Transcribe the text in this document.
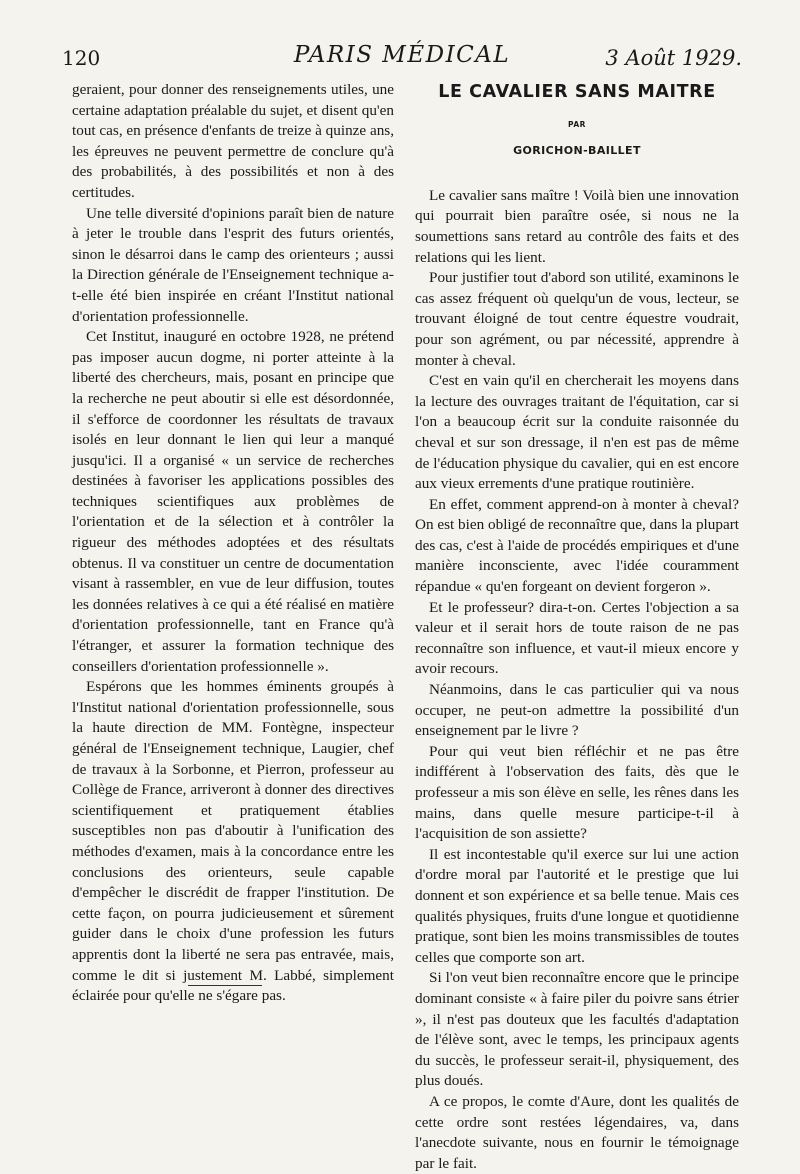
120	PARIS MÉDICAL	3 Août 1929.

geraient, pour donner des renseignements utiles, une certaine adaptation préalable du sujet, et disent qu'en tout cas, en présence d'enfants de treize à quinze ans, les épreuves ne peuvent permettre de conclure qu'à des probabilités, à des possibilités et non à des certitudes.

Une telle diversité d'opinions paraît bien de nature à jeter le trouble dans l'esprit des futurs orientés, sinon le désarroi dans le camp des orienteurs ; aussi la Direction générale de l'Enseignement technique a-t-elle été bien inspirée en créant l'Institut national d'orientation professionnelle.

Cet Institut, inauguré en octobre 1928, ne prétend pas imposer aucun dogme, ni porter atteinte à la liberté des chercheurs, mais, posant en principe que la recherche ne peut aboutir si elle est désordonnée, il s'efforce de coordonner les résultats de travaux isolés en leur donnant le lien qui leur a manqué jusqu'ici. Il a organisé « un service de recherches destinées à favoriser les applications possibles des techniques scientifiques aux problèmes de l'orientation et de la sélection et à contrôler la rigueur des méthodes adoptées et des résultats obtenus. Il va constituer un centre de documentation visant à rassembler, en vue de leur diffusion, toutes les données relatives à ce qui a été réalisé en matière d'orientation professionnelle, tant en France qu'à l'étranger, et assurer la formation technique des conseillers d'orientation professionnelle ».

Espérons que les hommes éminents groupés à l'Institut national d'orientation professionnelle, sous la haute direction de MM. Fontègne, inspecteur général de l'Enseignement technique, Laugier, chef de travaux à la Sorbonne, et Pierron, professeur au Collège de France, arriveront à donner des directives scientifiquement et pratiquement établies susceptibles non pas d'aboutir à l'unification des méthodes d'examen, mais à la concordance entre les conclusions des orienteurs, seule capable d'empêcher le discrédit de frapper l'institution. De cette façon, on pourra judicieusement et sûrement guider dans le choix d'une profession les futurs apprentis dont la liberté ne sera pas entravée, mais, comme le dit si justement M. Labbé, simplement éclairée pour qu'elle ne s'égare pas.

LE CAVALIER SANS MAITRE
PAR
GORICHON-BAILLET

Le cavalier sans maître ! Voilà bien une innovation qui pourrait bien paraître osée, si nous ne la soumettions sans retard au contrôle des faits et des relations qui les lient.

Pour justifier tout d'abord son utilité, examinons le cas assez fréquent où quelqu'un de vous, lecteur, se trouvant éloigné de tout centre équestre voudrait, pour son agrément, ou par nécessité, apprendre à monter à cheval.

C'est en vain qu'il en chercherait les moyens dans la lecture des ouvrages traitant de l'équitation, car si l'on a beaucoup écrit sur la conduite raisonnée du cheval et sur son dressage, il n'en est pas de même de l'éducation physique du cavalier, qui en est encore aux vieux errements d'une pratique routinière.

En effet, comment apprend-on à monter à cheval? On est bien obligé de reconnaître que, dans la plupart des cas, c'est à l'aide de procédés empiriques et d'une manière inconsciente, avec l'idée couramment répandue « qu'en forgeant on devient forgeron ».

Et le professeur? dira-t-on. Certes l'objection a sa valeur et il serait hors de toute raison de ne pas reconnaître son influence, et vaut-il mieux encore y avoir recours.

Néanmoins, dans le cas particulier qui va nous occuper, ne peut-on admettre la possibilité d'un enseignement par le livre ?

Pour qui veut bien réfléchir et ne pas être indifférent à l'observation des faits, dès que le professeur a mis son élève en selle, les rênes dans les mains, dans quelle mesure participe-t-il à l'acquisition de son assiette?

Il est incontestable qu'il exerce sur lui une action d'ordre moral par l'autorité et le prestige que lui donnent et son expérience et sa belle tenue. Mais ces qualités physiques, fruits d'une longue et quotidienne pratique, sont bien les moins transmissibles de toutes celles que comporte son art.

Si l'on veut bien reconnaître encore que le principe dominant consiste « à faire piler du poivre sans étrier », il n'est pas douteux que les facultés d'adaptation de l'élève sont, avec le temps, les principaux agents du succès, le professeur serait-il, physiquement, des plus doués.

A ce propos, le comte d'Aure, dont les qualités de cette ordre sont restées légendaires, va, dans l'anecdote suivante, nous en fournir le témoignage par le fait.
